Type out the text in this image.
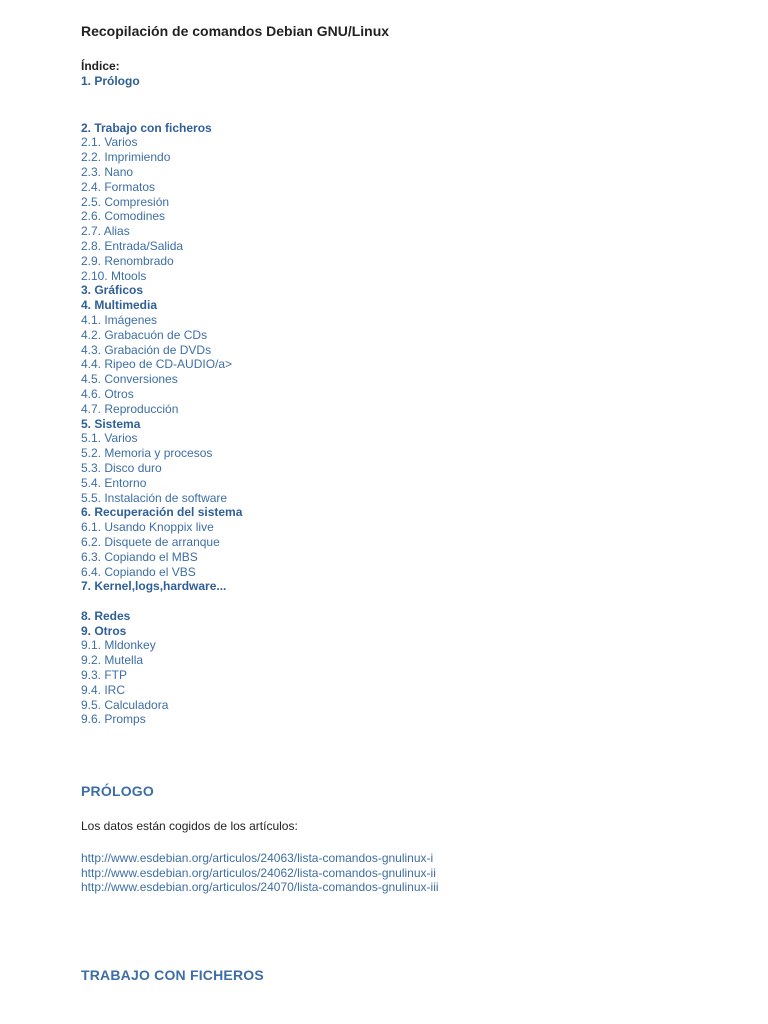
Recopilación de comandos Debian GNU/Linux
Índice:
1. Prólogo
2. Trabajo con ficheros
2.1. Varios
2.2. Imprimiendo
2.3. Nano
2.4. Formatos
2.5. Compresión
2.6. Comodines
2.7. Alias
2.8. Entrada/Salida
2.9. Renombrado
2.10. Mtools
3. Gráficos
4. Multimedia
4.1. Imágenes
4.2. Grabacuón de CDs
4.3. Grabación de DVDs
4.4. Ripeo de CD-AUDIO/a>
4.5. Conversiones
4.6. Otros
4.7. Reproducción
5. Sistema
5.1. Varios
5.2. Memoria y procesos
5.3. Disco duro
5.4. Entorno
5.5. Instalación de software
6. Recuperación del sistema
6.1. Usando Knoppix live
6.2. Disquete de arranque
6.3. Copiando el MBS
6.4. Copiando el VBS
7. Kernel,logs,hardware...
8. Redes
9. Otros
9.1. Mldonkey
9.2. Mutella
9.3. FTP
9.4. IRC
9.5. Calculadora
9.6. Promps
PRÓLOGO
Los datos están cogidos de los artículos:
http://www.esdebian.org/articulos/24063/lista-comandos-gnulinux-i
http://www.esdebian.org/articulos/24062/lista-comandos-gnulinux-ii
http://www.esdebian.org/articulos/24070/lista-comandos-gnulinux-iii
TRABAJO CON FICHEROS
